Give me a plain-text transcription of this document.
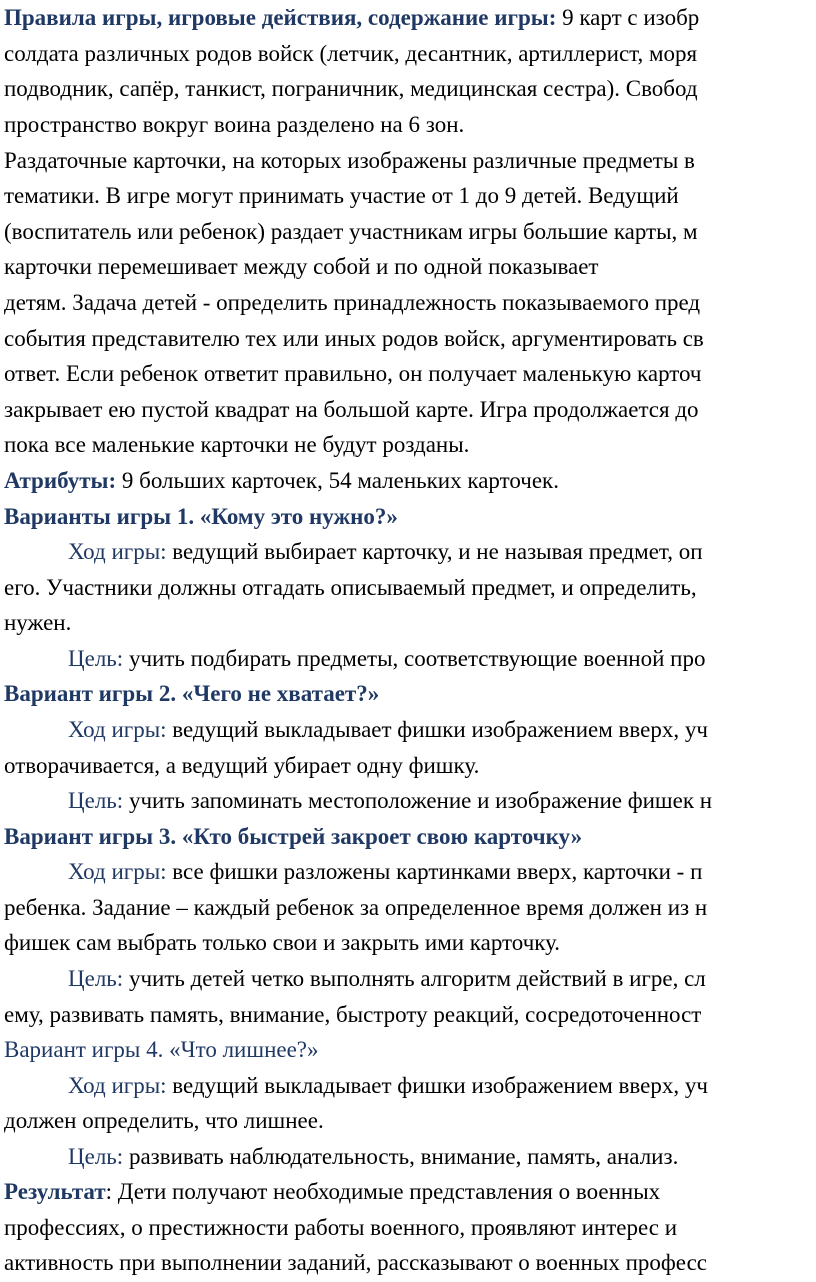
Правила игры, игровые действия, содержание игры: 9 карт с изобр
солдата различных родов войск (летчик, десантник, артиллерист, моря
подводник, сапёр, танкист, пограничник, медицинская сестра). Свобод
пространство вокруг воина разделено на 6 зон.
Раздаточные карточки, на которых изображены различные предметы в
тематики. В игре могут принимать участие от 1 до 9 детей. Ведущий
(воспитатель или ребенок) раздает участникам игры большие карты, м
карточки перемешивает между собой и по одной показывает
детям. Задача детей - определить принадлежность показываемого пред
события представителю тех или иных родов войск, аргументировать св
ответ. Если ребенок ответит правильно, он получает маленькую карточ
закрывает ею пустой квадрат на большой карте. Игра продолжается до
пока все маленькие карточки не будут розданы.
Атрибуты: 9 больших карточек, 54 маленьких карточек.
Варианты игры 1. «Кому это нужно?»
Ход игры: ведущий выбирает карточку, и не называя предмет, оп
его. Участники должны отгадать описываемый предмет, и определить,
нужен.
Цель: учить подбирать предметы, соответствующие военной про
Вариант игры 2. «Чего не хватает?»
Ход игры: ведущий выкладывает фишки изображением вверх, уч
отворачивается, а ведущий убирает одну фишку.
Цель: учить запоминать местоположение и изображение фишек н
Вариант игры 3. «Кто быстрей закроет свою карточку»
Ход игры: все фишки разложены картинками вверх, карточки - п
ребенка. Задание – каждый ребенок за определенное время должен из н
фишек сам выбрать только свои и закрыть ими карточку.
Цель: учить детей четко выполнять алгоритм действий в игре, сл
ему, развивать память, внимание, быстроту реакций, сосредоточенност
Вариант игры 4. «Что лишнее?»
Ход игры: ведущий выкладывает фишки изображением вверх, уч
должен определить, что лишнее.
Цель: развивать наблюдательность, внимание, память, анализ.
Результат: Дети получают необходимые представления о военных
профессиях, о престижности работы военного, проявляют интерес и
активность при выполнении заданий, рассказывают о военных професс
